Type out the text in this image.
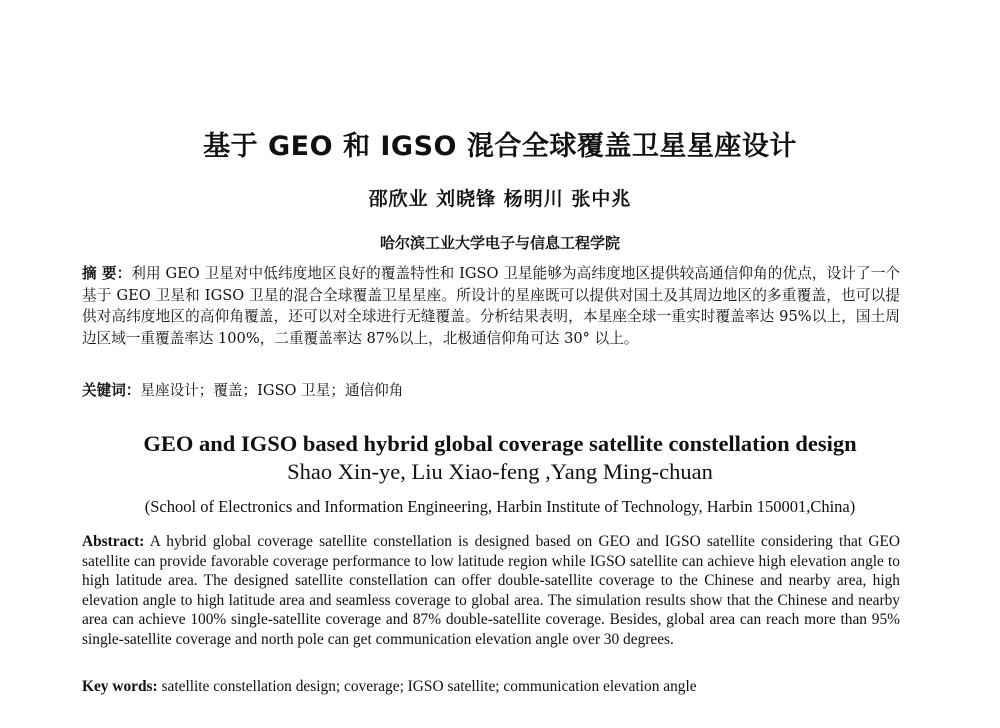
基于 GEO 和 IGSO 混合全球覆盖卫星星座设计

邵欣业 刘晓锋 杨明川 张中兆

哈尔滨工业大学电子与信息工程学院

摘 要：利用 GEO 卫星对中低纬度地区良好的覆盖特性和 IGSO 卫星能够为高纬度地区提供较高通信仰角的优点，设计了一个基于 GEO 卫星和 IGSO 卫星的混合全球覆盖卫星星座。所设计的星座既可以提供对国土及其周边地区的多重覆盖，也可以提供对高纬度地区的高仰角覆盖，还可以对全球进行无缝覆盖。分析结果表明，本星座全球一重实时覆盖率达 95%以上，国土周边区域一重覆盖率达 100%，二重覆盖率达 87%以上，北极通信仰角可达 30° 以上。

关键词：星座设计；覆盖；IGSO 卫星；通信仰角

GEO and IGSO based hybrid global coverage satellite constellation design

Shao Xin-ye, Liu Xiao-feng ,Yang Ming-chuan

(School of Electronics and Information Engineering, Harbin Institute of Technology, Harbin 150001,China)

Abstract: A hybrid global coverage satellite constellation is designed based on GEO and IGSO satellite considering that GEO satellite can provide favorable coverage performance to low latitude region while IGSO satellite can achieve high elevation angle to high latitude area. The designed satellite constellation can offer double-satellite coverage to the Chinese and nearby area, high elevation angle to high latitude area and seamless coverage to global area. The simulation results show that the Chinese and nearby area can achieve 100% single-satellite coverage and 87% double-satellite coverage. Besides, global area can reach more than 95% single-satellite coverage and north pole can get communication elevation angle over 30 degrees.

Key words: satellite constellation design; coverage; IGSO satellite; communication elevation angle
